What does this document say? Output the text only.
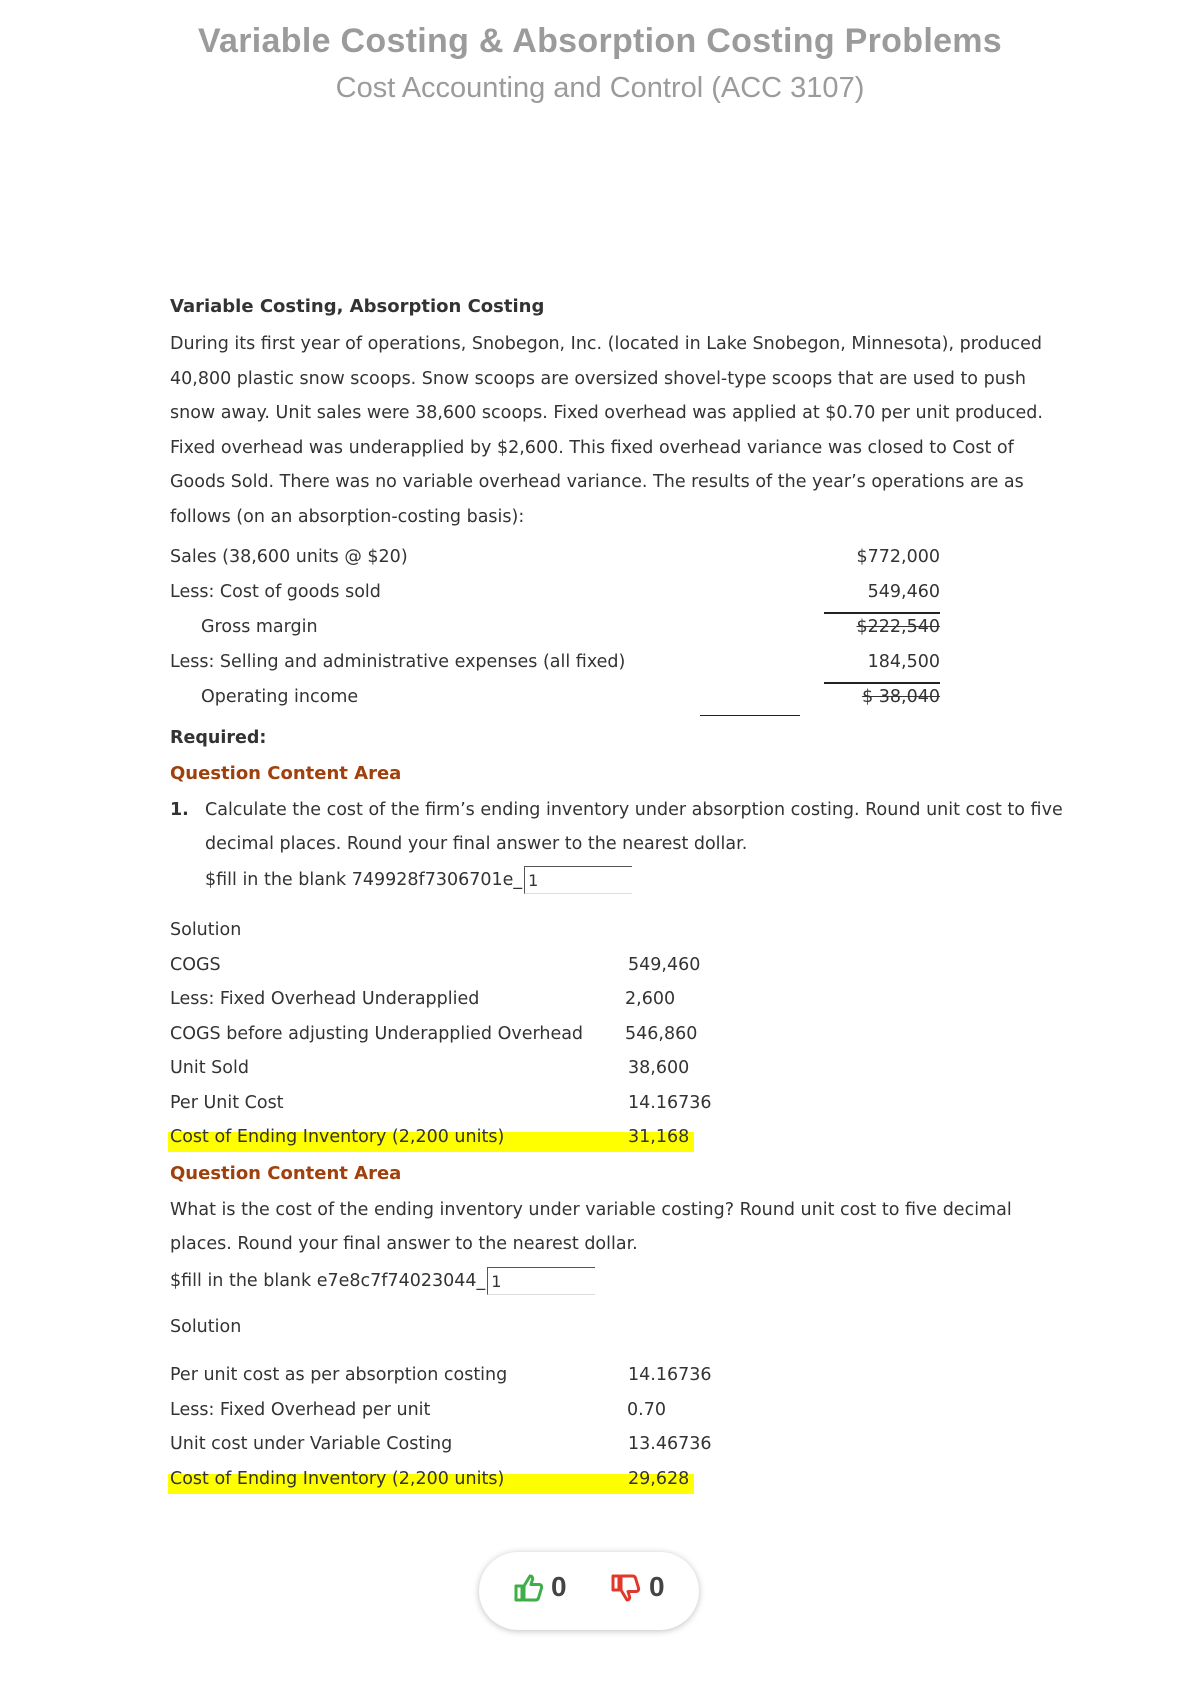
Variable Costing & Absorption Costing Problems
Cost Accounting and Control (ACC 3107)
Variable Costing, Absorption Costing
During its first year of operations, Snobegon, Inc. (located in Lake Snobegon, Minnesota), produced 40,800 plastic snow scoops. Snow scoops are oversized shovel-type scoops that are used to push snow away. Unit sales were 38,600 scoops. Fixed overhead was applied at $0.70 per unit produced. Fixed overhead was underapplied by $2,600. This fixed overhead variance was closed to Cost of Goods Sold. There was no variable overhead variance. The results of the year’s operations are as follows (on an absorption-costing basis):
Sales (38,600 units @ $20)	$772,000
Less: Cost of goods sold	549,460
Gross margin	$222,540
Less: Selling and administrative expenses (all fixed)	184,500
Operating income	$ 38,040
Required:
Question Content Area
1. Calculate the cost of the firm’s ending inventory under absorption costing. Round unit cost to five decimal places. Round your final answer to the nearest dollar.
$fill in the blank 749928f7306701e_ 1
Solution
COGS	549,460
Less: Fixed Overhead Underapplied	2,600
COGS before adjusting Underapplied Overhead 546,860
Unit Sold	38,600
Per Unit Cost	14.16736
Cost of Ending Inventory (2,200 units)	31,168
Question Content Area
What is the cost of the ending inventory under variable costing? Round unit cost to five decimal places. Round your final answer to the nearest dollar.
$fill in the blank e7e8c7f74023044_ 1
Solution
Per unit cost as per absorption costing	14.16736
Less: Fixed Overhead per unit	0.70
Unit cost under Variable Costing	13.46736
Cost of Ending Inventory (2,200 units)	29,628
0	0
